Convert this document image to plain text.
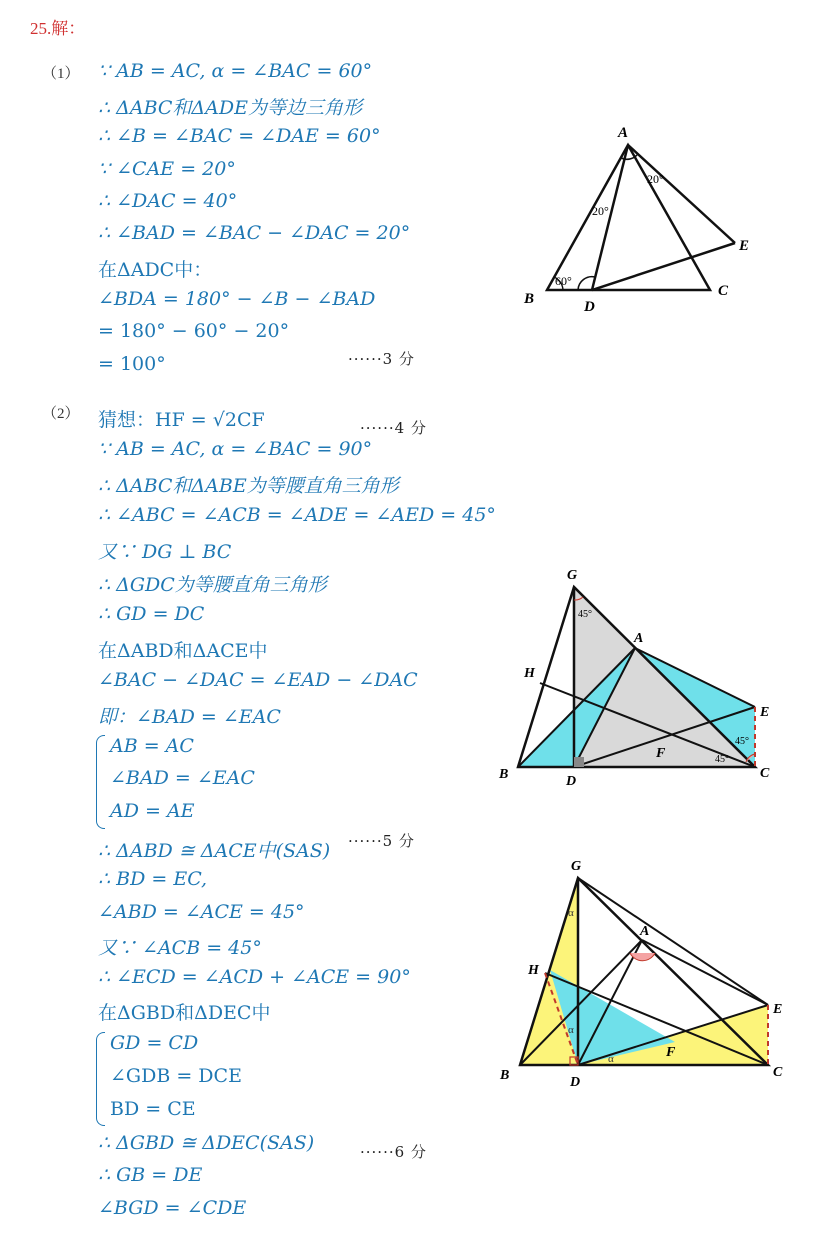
25.解：
（1） ∵ AB = AC, α = ∠BAC = 60°
∴ ΔABC和ΔADE为等边三角形
∴ ∠B = ∠BAC = ∠DAE = 60°
∵ ∠CAE = 20°
∴ ∠DAC = 40°
∴ ∠BAD = ∠BAC − ∠DAC = 20°
在ΔADC中：
∠BDA = 180° − ∠B − ∠BAD
= 180° − 60° − 20°
= 100°	······3 分
（2） 猜想：HF = √2CF	······4 分
∵ AB = AC, α = ∠BAC = 90°
∴ ΔABC和ΔABE为等腰直角三角形
∴ ∠ABC = ∠ACB = ∠ADE = ∠AED = 45°
又∵ DG ⊥ BC
∴ ΔGDC为等腰直角三角形
∴ GD = DC
在ΔABD和ΔACE中
∠BAC − ∠DAC = ∠EAD − ∠DAC
即：∠BAD = ∠EAC
AB = AC
∠BAD = ∠EAC
AD = AE
∴ ΔABD ≅ ΔACE中(SAS) ······5 分
∴ BD = EC,
∠ABD = ∠ACE = 45°
又∵ ∠ACB = 45°
∴ ∠ECD = ∠ACD + ∠ACE = 90°
在ΔGBD和ΔDEC中
GD = CD
∠GDB = DCE
BD = CE
∴ ΔGBD ≅ ΔDEC(SAS)	······6 分
∴ GB = DE
∠BGD = ∠CDE
A
B	C
D
E
20°
20°
60°
G
A
H
E
F
B	D
C
45°
45°
45°
G
A
H
E
F
B	D
C
α
α
α
